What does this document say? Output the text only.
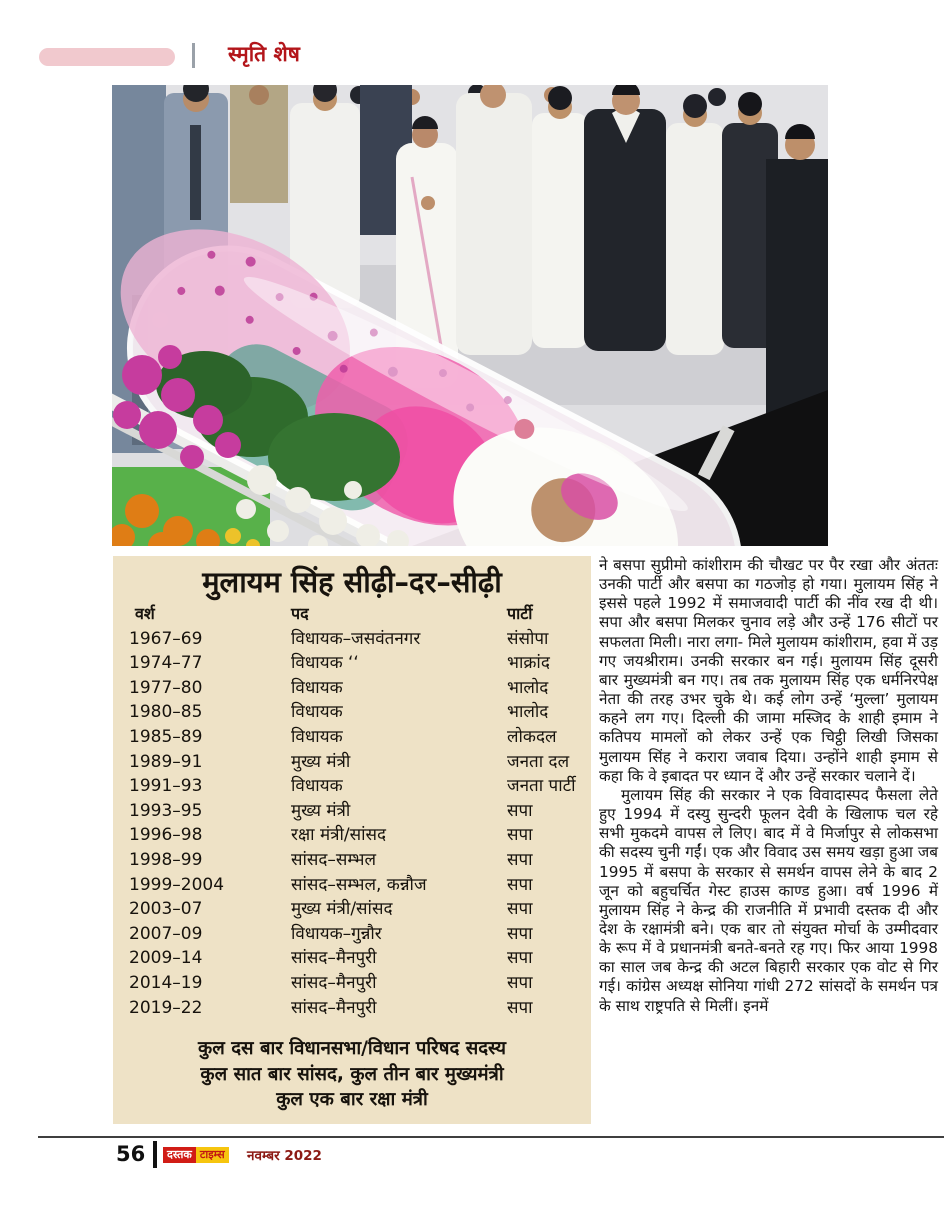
स्मृति शेष
मुलायम सिंह सीढ़ी–दर–सीढ़ी
वर्श	पद	पार्टी
1967–69	विधायक–जसवंतनगर	संसोपा
1974–77	विधायक ‘‘	भाक्रांद
1977–80	विधायक	भालोद
1980–85	विधायक	भालोद
1985–89	विधायक	लोकदल
1989–91	मुख्य मंत्री	जनता दल
1991–93	विधायक	जनता पार्टी
1993–95	मुख्य मंत्री	सपा
1996–98	रक्षा मंत्री/सांसद	सपा
1998–99	सांसद–सम्भल	सपा
1999–2004	सांसद–सम्भल, कन्नौज	सपा
2003–07	मुख्य मंत्री/सांसद	सपा
2007–09	विधायक–गुन्नौर	सपा
2009–14	सांसद–मैनपुरी	सपा
2014–19	सांसद–मैनपुरी	सपा
2019–22	सांसद–मैनपुरी	सपा
कुल दस बार विधानसभा/विधान परिषद सदस्य
कुल सात बार सांसद, कुल तीन बार मुख्यमंत्री
कुल एक बार रक्षा मंत्री

ने बसपा सुप्रीमो कांशीराम की चौखट पर पैर रखा और अंततः उनकी पार्टी और बसपा का गठजोड़ हो गया। मुलायम सिंह ने इससे पहले 1992 में समाजवादी पार्टी की नींव रख दी थी। सपा और बसपा मिलकर चुनाव लड़े और उन्हें 176 सीटों पर सफलता मिली। नारा लगा- मिले मुलायम कांशीराम, हवा में उड़ गए जयश्रीराम। उनकी सरकार बन गई। मुलायम सिंह दूसरी बार मुख्यमंत्री बन गए। तब तक मुलायम सिंह एक धर्मनिरपेक्ष नेता की तरह उभर चुके थे। कई लोग उन्हें ‘मुल्ला’ मुलायम कहने लग गए। दिल्ली की जामा मस्जिद के शाही इमाम ने कतिपय मामलों को लेकर उन्हें एक चिट्ठी लिखी जिसका मुलायम सिंह ने करारा जवाब दिया। उन्होंने शाही इमाम से कहा कि वे इबादत पर ध्यान दें और उन्हें सरकार चलाने दें।

मुलायम सिंह की सरकार ने एक विवादास्पद फैसला लेते हुए 1994 में दस्यु सुन्दरी फूलन देवी के खिलाफ चल रहे सभी मुकदमे वापस ले लिए। बाद में वे मिर्जापुर से लोकसभा की सदस्य चुनी गईं। एक और विवाद उस समय खड़ा हुआ जब 1995 में बसपा के सरकार से समर्थन वापस लेने के बाद 2 जून को बहुचर्चित गेस्ट हाउस काण्ड हुआ। वर्ष 1996 में मुलायम सिंह ने केन्द्र की राजनीति में प्रभावी दस्तक दी और देश के रक्षामंत्री बने। एक बार तो संयुक्त मोर्चा के उम्मीदवार के रूप में वे प्रधानमंत्री बनते-बनते रह गए। फिर आया 1998 का साल जब केन्द्र की अटल बिहारी सरकार एक वोट से गिर गई। कांग्रेस अध्यक्ष सोनिया गांधी 272 सांसदों के समर्थन पत्र के साथ राष्ट्रपति से मिलीं। इनमें

56	दस्तक टाइम्स नवम्बर 2022
